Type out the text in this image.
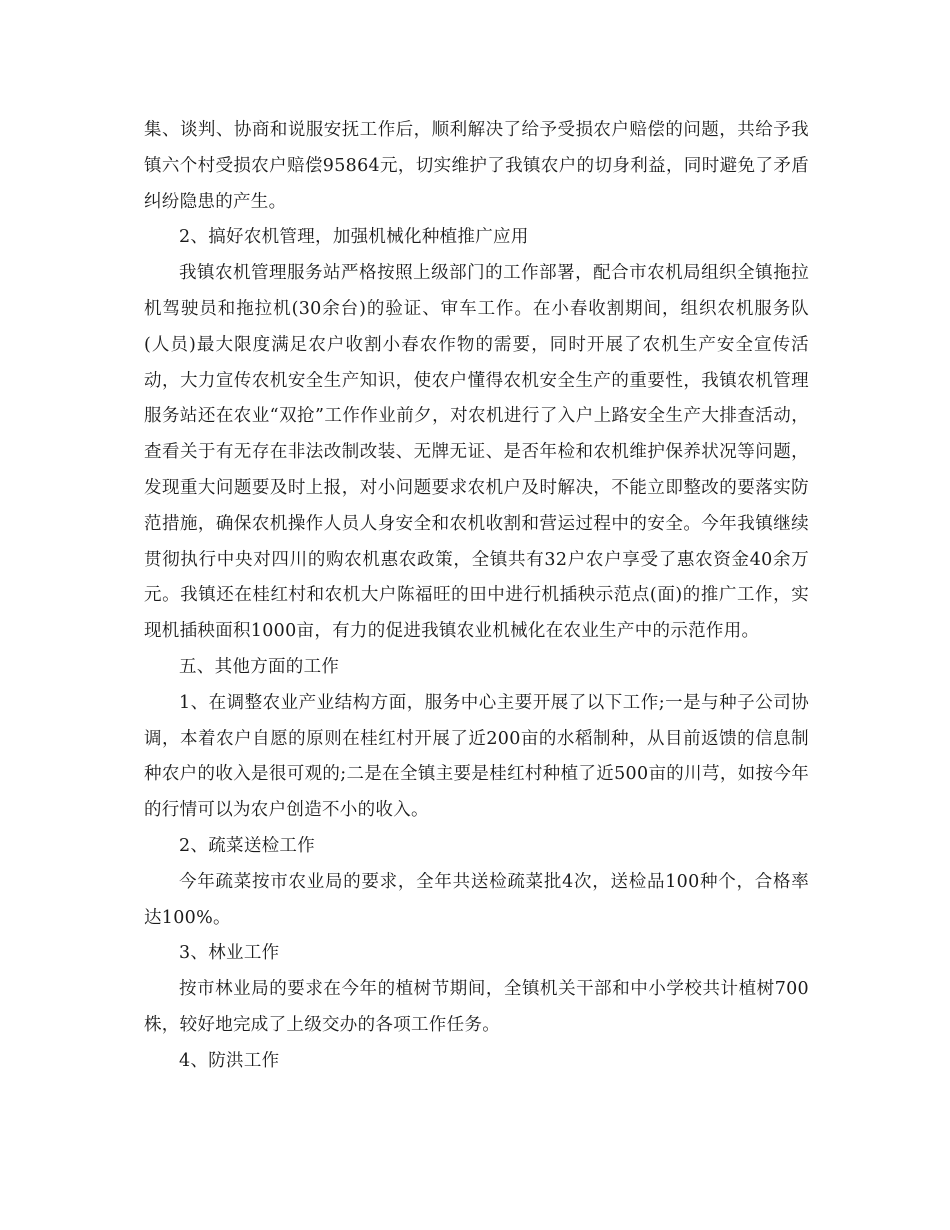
集、谈判、协商和说服安抚工作后，顺利解决了给予受损农户赔偿的问题，共给予我镇六个村受损农户赔偿95864元，切实维护了我镇农户的切身利益，同时避免了矛盾纠纷隐患的产生。

2、搞好农机管理，加强机械化种植推广应用

我镇农机管理服务站严格按照上级部门的工作部署，配合市农机局组织全镇拖拉机驾驶员和拖拉机(30余台)的验证、审车工作。在小春收割期间，组织农机服务队(人员)最大限度满足农户收割小春农作物的需要，同时开展了农机生产安全宣传活动，大力宣传农机安全生产知识，使农户懂得农机安全生产的重要性，我镇农机管理服务站还在农业“双抢”工作作业前夕，对农机进行了入户上路安全生产大排查活动，查看关于有无存在非法改制改装、无牌无证、是否年检和农机维护保养状况等问题，发现重大问题要及时上报，对小问题要求农机户及时解决，不能立即整改的要落实防范措施，确保农机操作人员人身安全和农机收割和营运过程中的安全。今年我镇继续贯彻执行中央对四川的购农机惠农政策，全镇共有32户农户享受了惠农资金40余万元。我镇还在桂红村和农机大户陈福旺的田中进行机插秧示范点(面)的推广工作，实现机插秧面积1000亩，有力的促进我镇农业机械化在农业生产中的示范作用。

五、其他方面的工作

1、在调整农业产业结构方面，服务中心主要开展了以下工作;一是与种子公司协调，本着农户自愿的原则在桂红村开展了近200亩的水稻制种，从目前返馈的信息制种农户的收入是很可观的;二是在全镇主要是桂红村种植了近500亩的川芎，如按今年的行情可以为农户创造不小的收入。

2、疏菜送检工作

今年疏菜按市农业局的要求，全年共送检疏菜批4次，送检品100种个，合格率达100%。

3、林业工作

按市林业局的要求在今年的植树节期间，全镇机关干部和中小学校共计植树700株，较好地完成了上级交办的各项工作任务。

4、防洪工作
